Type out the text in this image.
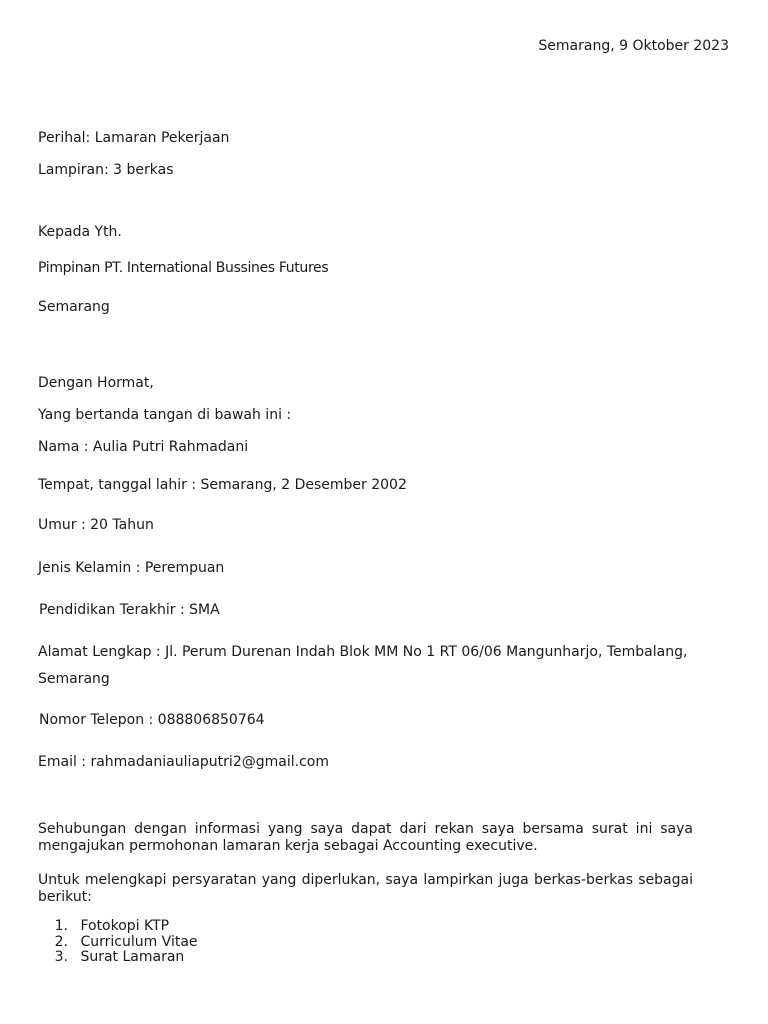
Semarang, 9 Oktober 2023
Perihal: Lamaran Pekerjaan
Lampiran: 3 berkas
Kepada Yth.
Pimpinan PT. International Bussines Futures
Semarang
Dengan Hormat,
Yang bertanda tangan di bawah ini :
Nama : Aulia Putri Rahmadani
Tempat, tanggal lahir : Semarang, 2 Desember 2002
Umur : 20 Tahun
Jenis Kelamin : Perempuan
Pendidikan Terakhir : SMA
Alamat Lengkap : Jl. Perum Durenan Indah Blok MM No 1 RT 06/06 Mangunharjo, Tembalang,
Semarang
Nomor Telepon : 088806850764
Email : rahmadaniauliaputri2@gmail.com
Sehubungan dengan informasi yang saya dapat dari rekan saya bersama surat ini saya mengajukan permohonan lamaran kerja sebagai Accounting executive.
Untuk melengkapi persyaratan yang diperlukan, saya lampirkan juga berkas-berkas sebagai berikut:
1. Fotokopi KTP
2. Curriculum Vitae
3. Surat Lamaran
